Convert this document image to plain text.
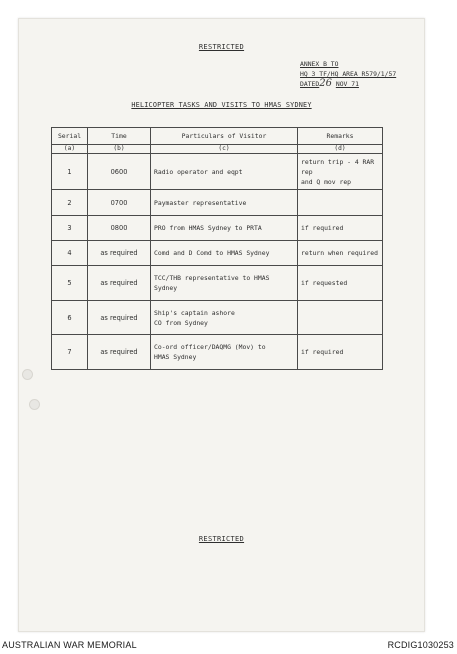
RESTRICTED
ANNEX B TO
HQ 3 TF/HQ AREA R579/1/57
DATED26 NOV 71
HELICOPTER TASKS AND VISITS TO HMAS SYDNEY
Serial	Time	Particulars of Visitor	Remarks
(a)	(b)	(c)	(d)
1	0600	Radio operator and eqpt	return trip - 4 RAR rep
and Q mov rep

2	0700	Paymaster representative	

3	0800	PRO from HMAS Sydney to PRTA	if required

4	as required	Comd and D Comd to HMAS Sydney	return when required

5	as required	TCC/THB representative to HMAS
Sydney	if requested

6	as required	Ship's captain ashore
CO from Sydney	

7	as required	Co-ord officer/DAQMG (Mov) to
HMAS Sydney	if required
RESTRICTED
AUSTRALIAN WAR MEMORIAL	RCDIG1030253
